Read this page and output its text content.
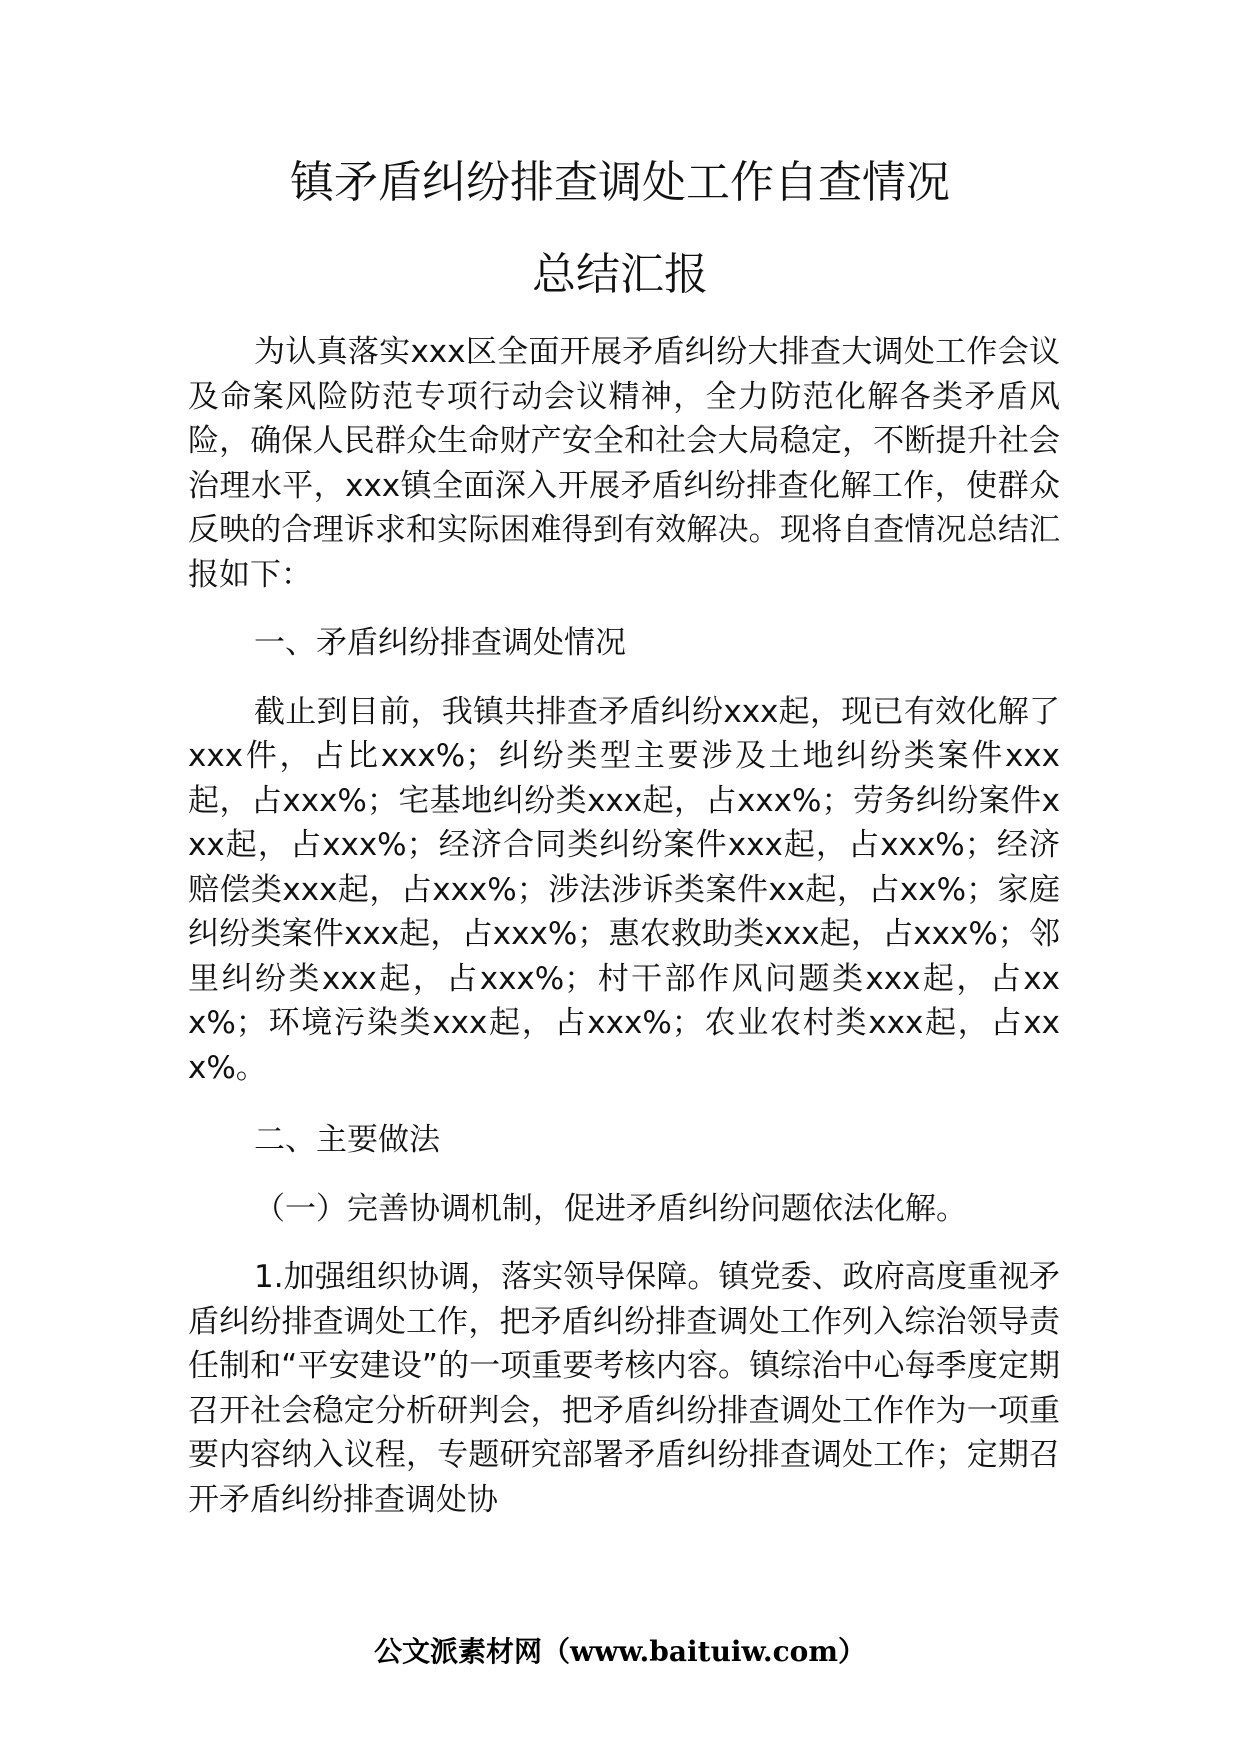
镇矛盾纠纷排查调处工作自查情况
总结汇报

为认真落实xxx区全面开展矛盾纠纷大排查大调处工作会议及命案风险防范专项行动会议精神，全力防范化解各类矛盾风险，确保人民群众生命财产安全和社会大局稳定，不断提升社会治理水平，xxx镇全面深入开展矛盾纠纷排查化解工作，使群众反映的合理诉求和实际困难得到有效解决。现将自查情况总结汇报如下：

一、矛盾纠纷排查调处情况

截止到目前，我镇共排查矛盾纠纷xxx起，现已有效化解了xxx件，占比xxx%；纠纷类型主要涉及土地纠纷类案件xxx起，占xxx%；宅基地纠纷类xxx起，占xxx%；劳务纠纷案件xxx起，占xxx%；经济合同类纠纷案件xxx起，占xxx%；经济赔偿类xxx起，占xxx%；涉法涉诉类案件xx起，占xx%；家庭纠纷类案件xxx起，占xxx%；惠农救助类xxx起，占xxx%；邻里纠纷类xxx起，占xxx%；村干部作风问题类xxx起，占xxx%；环境污染类xxx起，占xxx%；农业农村类xxx起，占xxx%。

二、主要做法

（一）完善协调机制，促进矛盾纠纷问题依法化解。

1.加强组织协调，落实领导保障。镇党委、政府高度重视矛盾纠纷排查调处工作，把矛盾纠纷排查调处工作列入综治领导责任制和“平安建设”的一项重要考核内容。镇综治中心每季度定期召开社会稳定分析研判会，把矛盾纠纷排查调处工作作为一项重要内容纳入议程，专题研究部署矛盾纠纷排查调处工作；定期召开矛盾纠纷排查调处协

公文派素材网（www.baituiw.com）
